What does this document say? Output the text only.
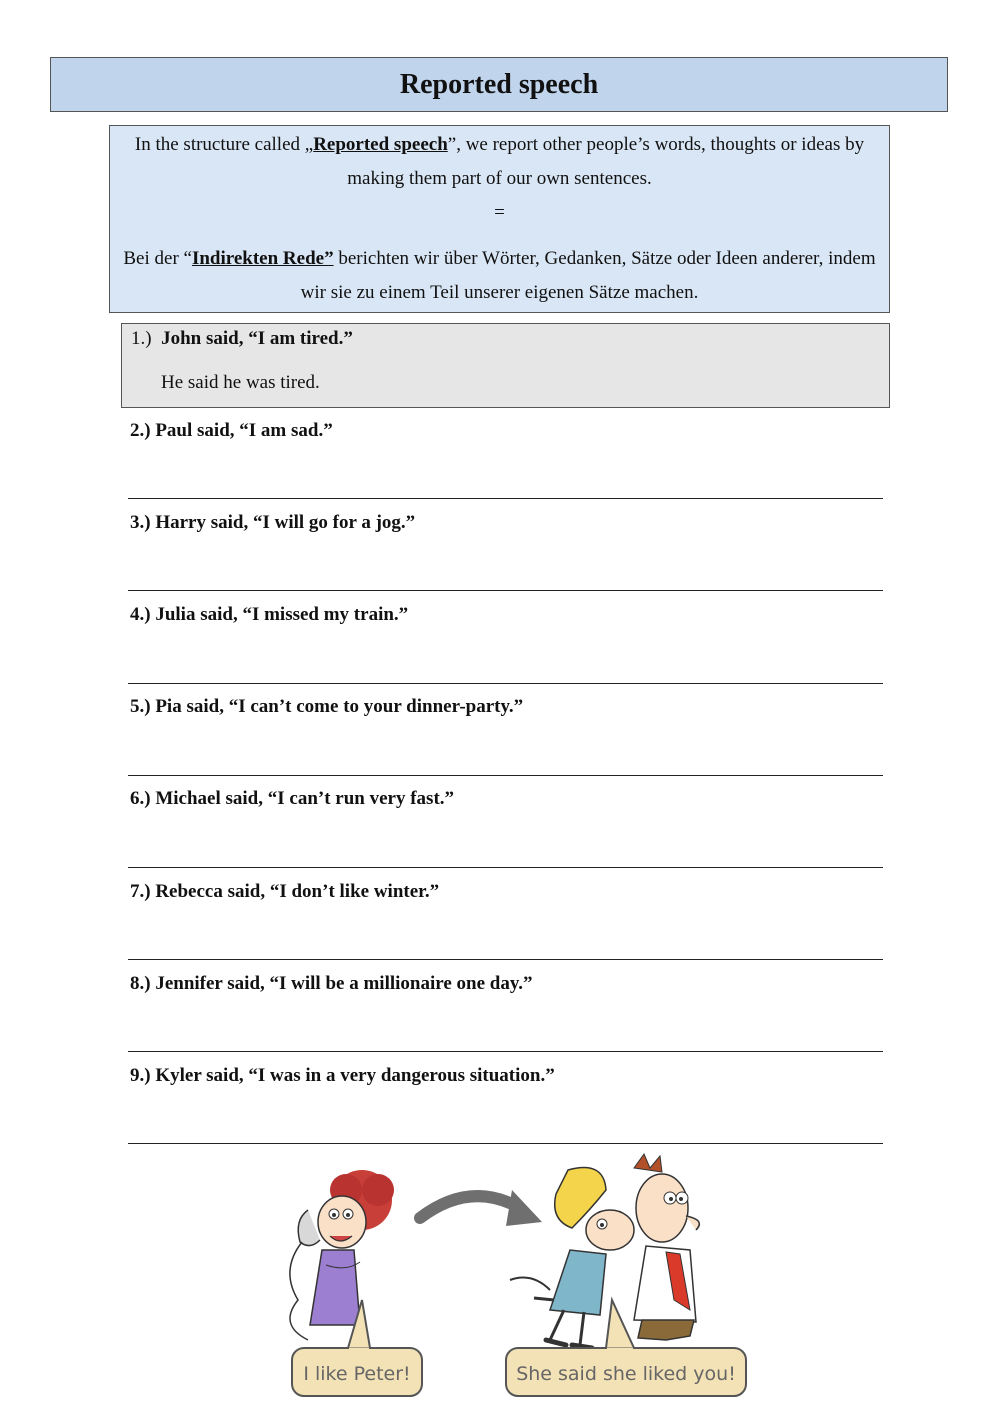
Reported speech

In the structure called „Reported speech”, we report other people’s words, thoughts or ideas by making them part of our own sentences.

=

Bei der “Indirekten Rede” berichten wir über Wörter, Gedanken, Sätze oder Ideen anderer, indem wir sie zu einem Teil unserer eigenen Sätze machen.

1.) John said, “I am tired.”
He said he was tired.
2.) Paul said, “I am sad.”
3.) Harry said, “I will go for a jog.”
4.) Julia said, “I missed my train.”
5.) Pia said, “I can’t come to your dinner-party.”
6.) Michael said, “I can’t run very fast.”
7.) Rebecca said, “I don’t like winter.”
8.) Jennifer said, “I will be a millionaire one day.”
9.) Kyler said, “I was in a very dangerous situation.”
I like Peter!	She said she liked you!
